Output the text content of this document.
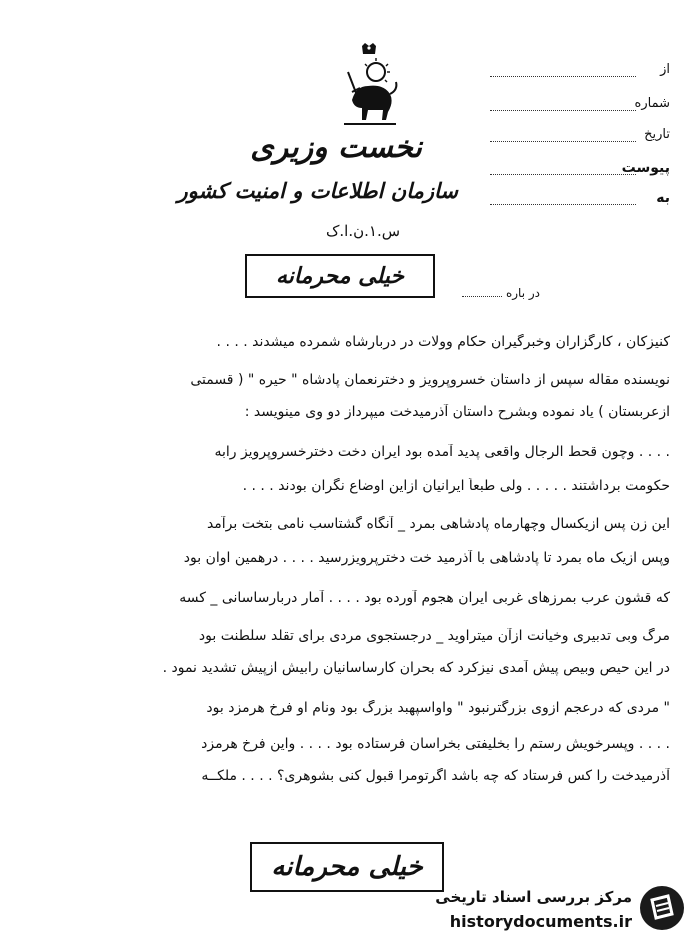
نخست وزیری
سازمان اطلاعات و امنیت کشور
س.۱.ن.ا.ک
از
شماره
تاریخ
پیوست
به
خیلی محرمانه
در باره
کنیزکان ، کارگزاران وخبرگیران حکام وولات در دربارشاه شمرده میشدند . . . .
نویسنده مقاله سپس از داستان خسروپرویز و دخترنعمان پادشاه " حیره " ( قسمتی
ازعربستان ) یاد نموده وبشرح داستان آذرمیدخت میپرداز دو وی مینویسد :
. . . . وچون قحط الرجال واقعی پدید آمده بود ایران دخت دخترخسروپرویز رابه
حکومت برداشتند . . . . . ولی طبعاً ایرانیان ازاین اوضاع نگران بودند . . . .
این زن پس ازیکسال وچهارماه پادشاهی بمرد _ آنگاه گشتاسب نامی بتخت برآمد
وپس ازیک ماه بمرد تا پادشاهی با آذرمید خت دخترپرویزرسید . . . . درهمین اوان بود
که قشون عرب بمرزهای غربی ایران هجوم آورده بود . . . . آمار دربارساسانی _ کسه
مرگ وبی تدبیری وخیانت ازآن میتراوید _ درجستجوی مردی برای تقلد سلطنت بود
در این حیص وبیص پیش آمدی نیزکرد که بحران کارساسانیان رابیش ازپیش تشدید نمود .
" مردی که درعجم ازوی بزرگترنبود " واواسپهبد بزرگ بود ونام او فرخ هرمزد بود
. . . . وپسرخویش رستم را بخلیفتی بخراسان فرستاده بود . . . . واین فرخ هرمزد
آذرمیدخت را کس فرستاد که چه باشد اگرتومرا قبول کنی بشوهری؟ . . . . ملکــه
خیلی محرمانه
مرکز بررسی اسناد تاریخی
historydocuments.ir
